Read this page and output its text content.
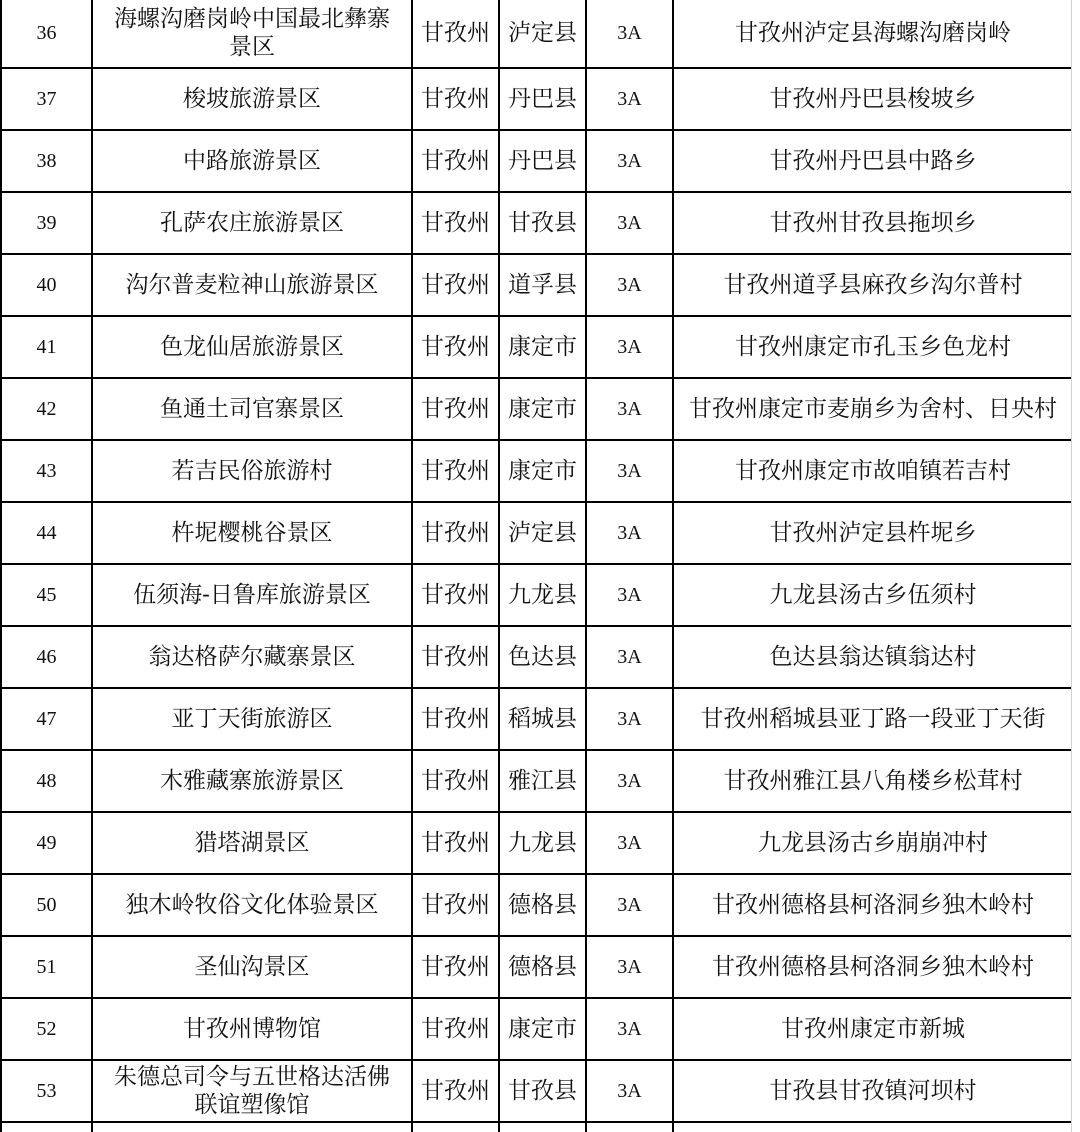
36	海螺沟磨岗岭中国最北彝寨景区	甘孜州	泸定县	3A	甘孜州泸定县海螺沟磨岗岭
37	梭坡旅游景区	甘孜州	丹巴县	3A	甘孜州丹巴县梭坡乡
38	中路旅游景区	甘孜州	丹巴县	3A	甘孜州丹巴县中路乡
39	孔萨农庄旅游景区	甘孜州	甘孜县	3A	甘孜州甘孜县拖坝乡
40	沟尔普麦粒神山旅游景区	甘孜州	道孚县	3A	甘孜州道孚县麻孜乡沟尔普村
41	色龙仙居旅游景区	甘孜州	康定市	3A	甘孜州康定市孔玉乡色龙村
42	鱼通土司官寨景区	甘孜州	康定市	3A	甘孜州康定市麦崩乡为舍村、日央村
43	若吉民俗旅游村	甘孜州	康定市	3A	甘孜州康定市故咱镇若吉村
44	杵坭樱桃谷景区	甘孜州	泸定县	3A	甘孜州泸定县杵坭乡
45	伍须海-日鲁库旅游景区	甘孜州	九龙县	3A	九龙县汤古乡伍须村
46	翁达格萨尔藏寨景区	甘孜州	色达县	3A	色达县翁达镇翁达村
47	亚丁天街旅游区	甘孜州	稻城县	3A	甘孜州稻城县亚丁路一段亚丁天街
48	木雅藏寨旅游景区	甘孜州	雅江县	3A	甘孜州雅江县八角楼乡松茸村
49	猎塔湖景区	甘孜州	九龙县	3A	九龙县汤古乡崩崩冲村
50	独木岭牧俗文化体验景区	甘孜州	德格县	3A	甘孜州德格县柯洛洞乡独木岭村
51	圣仙沟景区	甘孜州	德格县	3A	甘孜州德格县柯洛洞乡独木岭村
52	甘孜州博物馆	甘孜州	康定市	3A	甘孜州康定市新城
53	朱德总司令与五世格达活佛联谊塑像馆	甘孜州	甘孜县	3A	甘孜县甘孜镇河坝村
